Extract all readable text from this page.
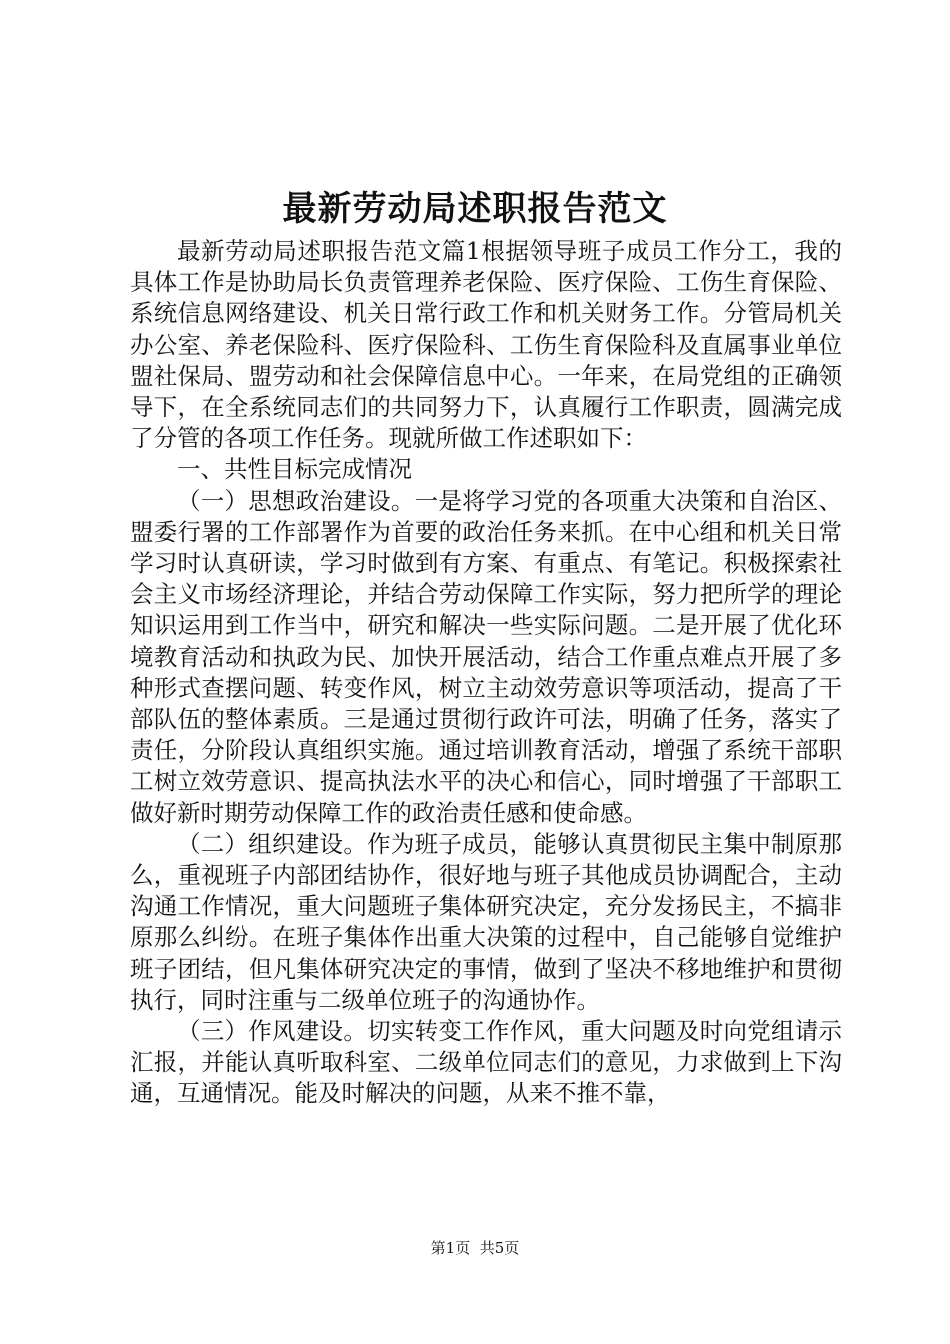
最新劳动局述职报告范文

最新劳动局述职报告范文篇1根据领导班子成员工作分工，我的具体工作是协助局长负责管理养老保险、医疗保险、工伤生育保险、系统信息网络建设、机关日常行政工作和机关财务工作。分管局机关办公室、养老保险科、医疗保险科、工伤生育保险科及直属事业单位盟社保局、盟劳动和社会保障信息中心。一年来，在局党组的正确领导下，在全系统同志们的共同努力下，认真履行工作职责，圆满完成了分管的各项工作任务。现就所做工作述职如下：

一、共性目标完成情况

（一）思想政治建设。一是将学习党的各项重大决策和自治区、盟委行署的工作部署作为首要的政治任务来抓。在中心组和机关日常学习时认真研读，学习时做到有方案、有重点、有笔记。积极探索社会主义市场经济理论，并结合劳动保障工作实际，努力把所学的理论知识运用到工作当中，研究和解决一些实际问题。二是开展了优化环境教育活动和执政为民、加快开展活动，结合工作重点难点开展了多种形式查摆问题、转变作风，树立主动效劳意识等项活动，提高了干部队伍的整体素质。三是通过贯彻行政许可法，明确了任务，落实了责任，分阶段认真组织实施。通过培训教育活动，增强了系统干部职工树立效劳意识、提高执法水平的决心和信心，同时增强了干部职工做好新时期劳动保障工作的政治责任感和使命感。

（二）组织建设。作为班子成员，能够认真贯彻民主集中制原那么，重视班子内部团结协作，很好地与班子其他成员协调配合，主动沟通工作情况，重大问题班子集体研究决定，充分发扬民主，不搞非原那么纠纷。在班子集体作出重大决策的过程中，自己能够自觉维护班子团结，但凡集体研究决定的事情，做到了坚决不移地维护和贯彻执行，同时注重与二级单位班子的沟通协作。

（三）作风建设。切实转变工作作风，重大问题及时向党组请示汇报，并能认真听取科室、二级单位同志们的意见，力求做到上下沟通，互通情况。能及时解决的问题，从来不推不靠，

第1页 共5页
